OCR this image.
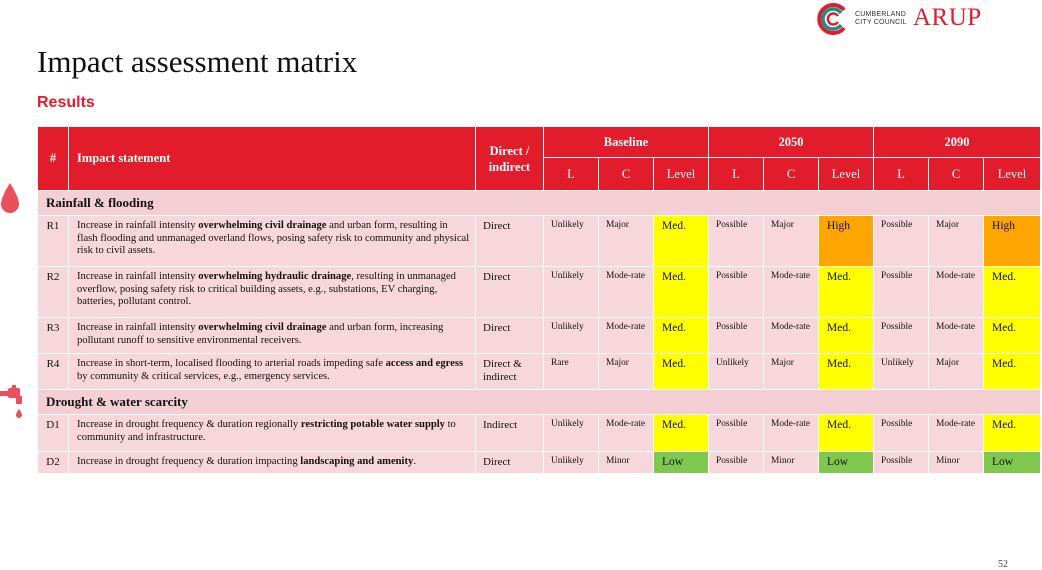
CUMBERLAND
CITY COUNCIL ARUP
Impact assessment matrix
Results
#	Impact statement	Direct / indirect	Baseline			2050			2090		
			L	C	Level	L	C	Level	L	C	Level
Rainfall & flooding											
R1	Increase in rainfall intensity overwhelming civil drainage and urban form, resulting in flash flooding and unmanaged overland flows, posing safety risk to community and physical risk to civil assets.	Direct	Unlikely	Major	Med.	Possible	Major	High	Possible	Major	High
R2	Increase in rainfall intensity overwhelming hydraulic drainage, resulting in unmanaged overflow, posing safety risk to critical building assets, e.g., substations, EV charging, batteries, pollutant control.	Direct	Unlikely	Mode-rate	Med.	Possible	Mode-rate	Med.	Possible	Mode-rate	Med.
R3	Increase in rainfall intensity overwhelming civil drainage and urban form, increasing pollutant runoff to sensitive environmental receivers.	Direct	Unlikely	Mode-rate	Med.	Possible	Mode-rate	Med.	Possible	Mode-rate	Med.
R4	Increase in short-term, localised flooding to arterial roads impeding safe access and egress by community & critical services, e.g., emergency services.	Direct & indirect	Rare	Major	Med.	Unlikely	Major	Med.	Unlikely	Major	Med.
Drought & water scarcity											
D1	Increase in drought frequency & duration regionally restricting potable water supply to community and infrastructure.	Indirect	Unlikely	Mode-rate	Med.	Possible	Mode-rate	Med.	Possible	Mode-rate	Med.
D2	Increase in drought frequency & duration impacting landscaping and amenity.	Direct	Unlikely	Minor	Low	Possible	Minor	Low	Possible	Minor	Low
52
